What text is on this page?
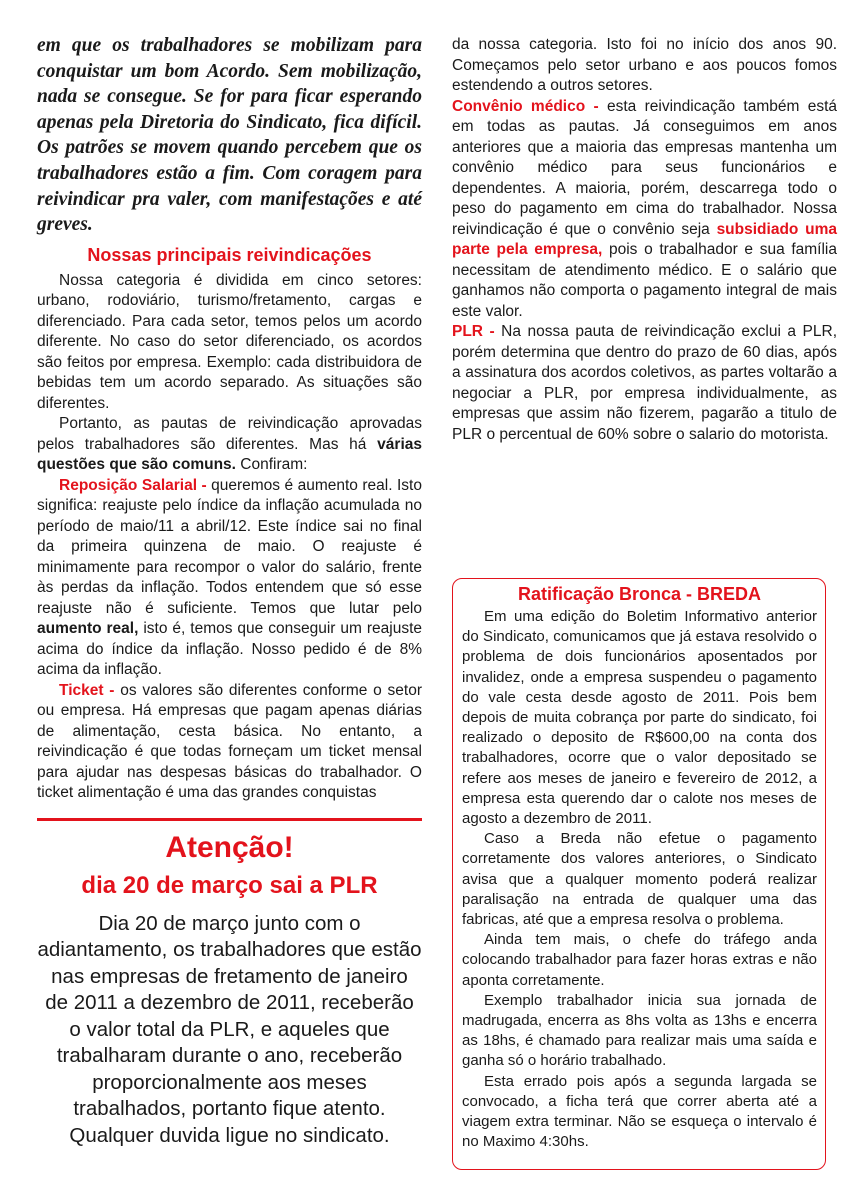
em que os trabalhadores se mobilizam para conquistar um bom Acordo. Sem mobilização, nada se consegue. Se for para ficar esperando apenas pela Diretoria do Sindicato, fica difícil. Os patrões se movem quando percebem que os trabalhadores estão a fim. Com coragem para reivindicar pra valer, com manifestações e até greves.

Nossas principais reivindicações

Nossa categoria é dividida em cinco setores: urbano, rodoviário, turismo/fretamento, cargas e diferenciado. Para cada setor, temos pelos um acordo diferente. No caso do setor diferenciado, os acordos são feitos por empresa. Exemplo: cada distribuidora de bebidas tem um acordo separado. As situações são diferentes.

Portanto, as pautas de reivindicação aprovadas pelos trabalhadores são diferentes. Mas há várias questões que são comuns. Confiram:

Reposição Salarial - queremos é aumento real. Isto significa: reajuste pelo índice da inflação acumulada no período de maio/11 a abril/12. Este índice sai no final da primeira quinzena de maio. O reajuste é minimamente para recompor o valor do salário, frente às perdas da inflação. Todos entendem que só esse reajuste não é suficiente. Temos que lutar pelo aumento real, isto é, temos que conseguir um reajuste acima do índice da inflação. Nosso pedido é de 8% acima da inflação.

Ticket - os valores são diferentes conforme o setor ou empresa. Há empresas que pagam apenas diárias de alimentação, cesta básica. No entanto, a reivindicação é que todas forneçam um ticket mensal para ajudar nas despesas básicas do trabalhador. O ticket alimentação é uma das grandes conquistas

Atenção!
dia 20 de março sai a PLR

Dia 20 de março junto com o adiantamento, os trabalhadores que estão nas empresas de fretamento de janeiro de 2011 a dezembro de 2011, receberão o valor total da PLR, e aqueles que trabalharam durante o ano, receberão proporcionalmente aos meses trabalhados, portanto fique atento. Qualquer duvida ligue no sindicato.

da nossa categoria. Isto foi no início dos anos 90. Começamos pelo setor urbano e aos poucos fomos estendendo a outros setores.

Convênio médico - esta reivindicação também está em todas as pautas. Já conseguimos em anos anteriores que a maioria das empresas mantenha um convênio médico para seus funcionários e dependentes. A maioria, porém, descarrega todo o peso do pagamento em cima do trabalhador. Nossa reivindicação é que o convênio seja subsidiado uma parte pela empresa, pois o trabalhador e sua família necessitam de atendimento médico. E o salário que ganhamos não comporta o pagamento integral de mais este valor.

PLR - Na nossa pauta de reivindicação exclui a PLR, porém determina que dentro do prazo de 60 dias, após a assinatura dos acordos coletivos, as partes voltarão a negociar a PLR, por empresa individualmente, as empresas que assim não fizerem, pagarão a titulo de PLR o percentual de 60% sobre o salario do motorista.

Ratificação Bronca - BREDA

Em uma edição do Boletim Informativo anterior do Sindicato, comunicamos que já estava resolvido o problema de dois funcionários aposentados por invalidez, onde a empresa suspendeu o pagamento do vale cesta desde agosto de 2011. Pois bem depois de muita cobrança por parte do sindicato, foi realizado o deposito de R$600,00 na conta dos trabalhadores, ocorre que o valor depositado se refere aos meses de janeiro e fevereiro de 2012, a empresa esta querendo dar o calote nos meses de agosto a dezembro de 2011.

Caso a Breda não efetue o pagamento corretamente dos valores anteriores, o Sindicato avisa que a qualquer momento poderá realizar paralisação na entrada de qualquer uma das fabricas, até que a empresa resolva o problema.

Ainda tem mais, o chefe do tráfego anda colocando trabalhador para fazer horas extras e não aponta corretamente.

Exemplo trabalhador inicia sua jornada de madrugada, encerra as 8hs volta as 13hs e encerra as 18hs, é chamado para realizar mais uma saída e ganha só o horário trabalhado.

Esta errado pois após a segunda largada se convocado, a ficha terá que correr aberta até a viagem extra terminar. Não se esqueça o intervalo é no Maximo 4:30hs.
